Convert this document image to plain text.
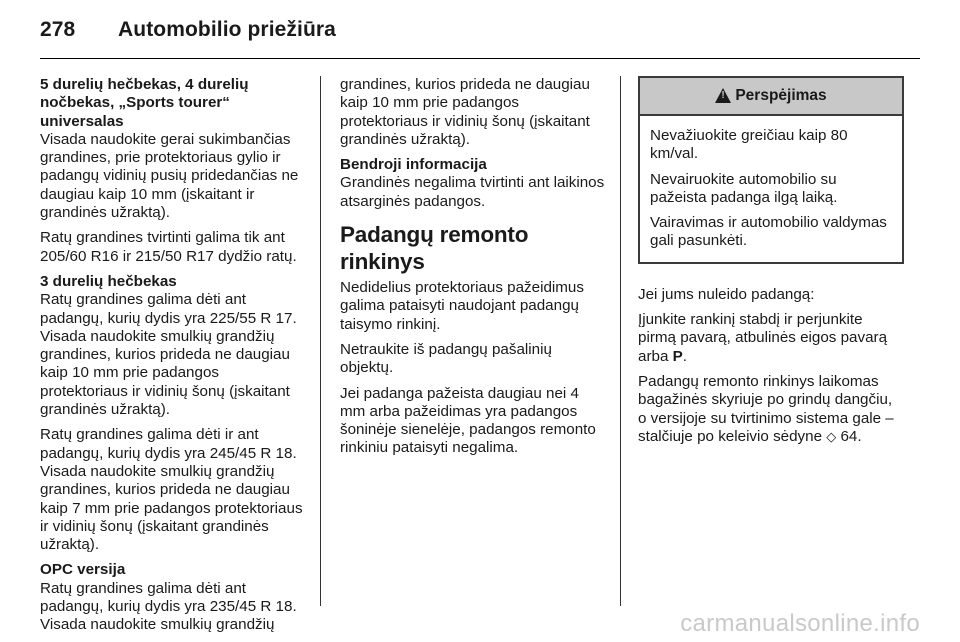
278 Automobilio priežiūra

5 durelių hečbekas, 4 durelių nočbekas, „Sports tourer“ universalas

Visada naudokite gerai sukimbančias grandines, prie protektoriaus gylio ir padangų vidinių pusių pridedančias ne daugiau kaip 10 mm (įskaitant ir grandinės užraktą).

Ratų grandines tvirtinti galima tik ant 205/60 R16 ir 215/50 R17 dydžio ratų.

3 durelių hečbekas

Ratų grandines galima dėti ant padangų, kurių dydis yra 225/55 R 17. Visada naudokite smulkių grandžių grandines, kurios prideda ne daugiau kaip 10 mm prie padangos protektoriaus ir vidinių šonų (įskaitant grandinės užraktą).

Ratų grandines galima dėti ir ant padangų, kurių dydis yra 245/45 R 18. Visada naudokite smulkių grandžių grandines, kurios prideda ne daugiau kaip 7 mm prie padangos protektoriaus ir vidinių šonų (įskaitant grandinės užraktą).

OPC versija

Ratų grandines galima dėti ant padangų, kurių dydis yra 235/45 R 18. Visada naudokite smulkių grandžių

grandines, kurios prideda ne daugiau kaip 10 mm prie padangos protektoriaus ir vidinių šonų (įskaitant grandinės užraktą).

Bendroji informacija

Grandinės negalima tvirtinti ant laikinos atsarginės padangos.

Padangų remonto rinkinys

Nedidelius protektoriaus pažeidimus galima pataisyti naudojant padangų taisymo rinkinį.

Netraukite iš padangų pašalinių objektų.

Jei padanga pažeista daugiau nei 4 mm arba pažeidimas yra padangos šoninėje sienelėje, padangos remonto rinkiniu pataisyti negalima.

!
Perspėjimas

Nevažiuokite greičiau kaip 80 km/val.

Nevairuokite automobilio su pažeista padanga ilgą laiką.

Vairavimas ir automobilio valdymas gali pasunkėti.

Jei jums nuleido padangą:

Įjunkite rankinį stabdį ir perjunkite pirmą pavarą, atbulinės eigos pavarą arba P.

Padangų remonto rinkinys laikomas bagažinės skyriuje po grindų dangčiu, o versijoje su tvirtinimo sistema gale – stalčiuje po keleivio sėdyne ◇ 64.

carmanualsonline.info
